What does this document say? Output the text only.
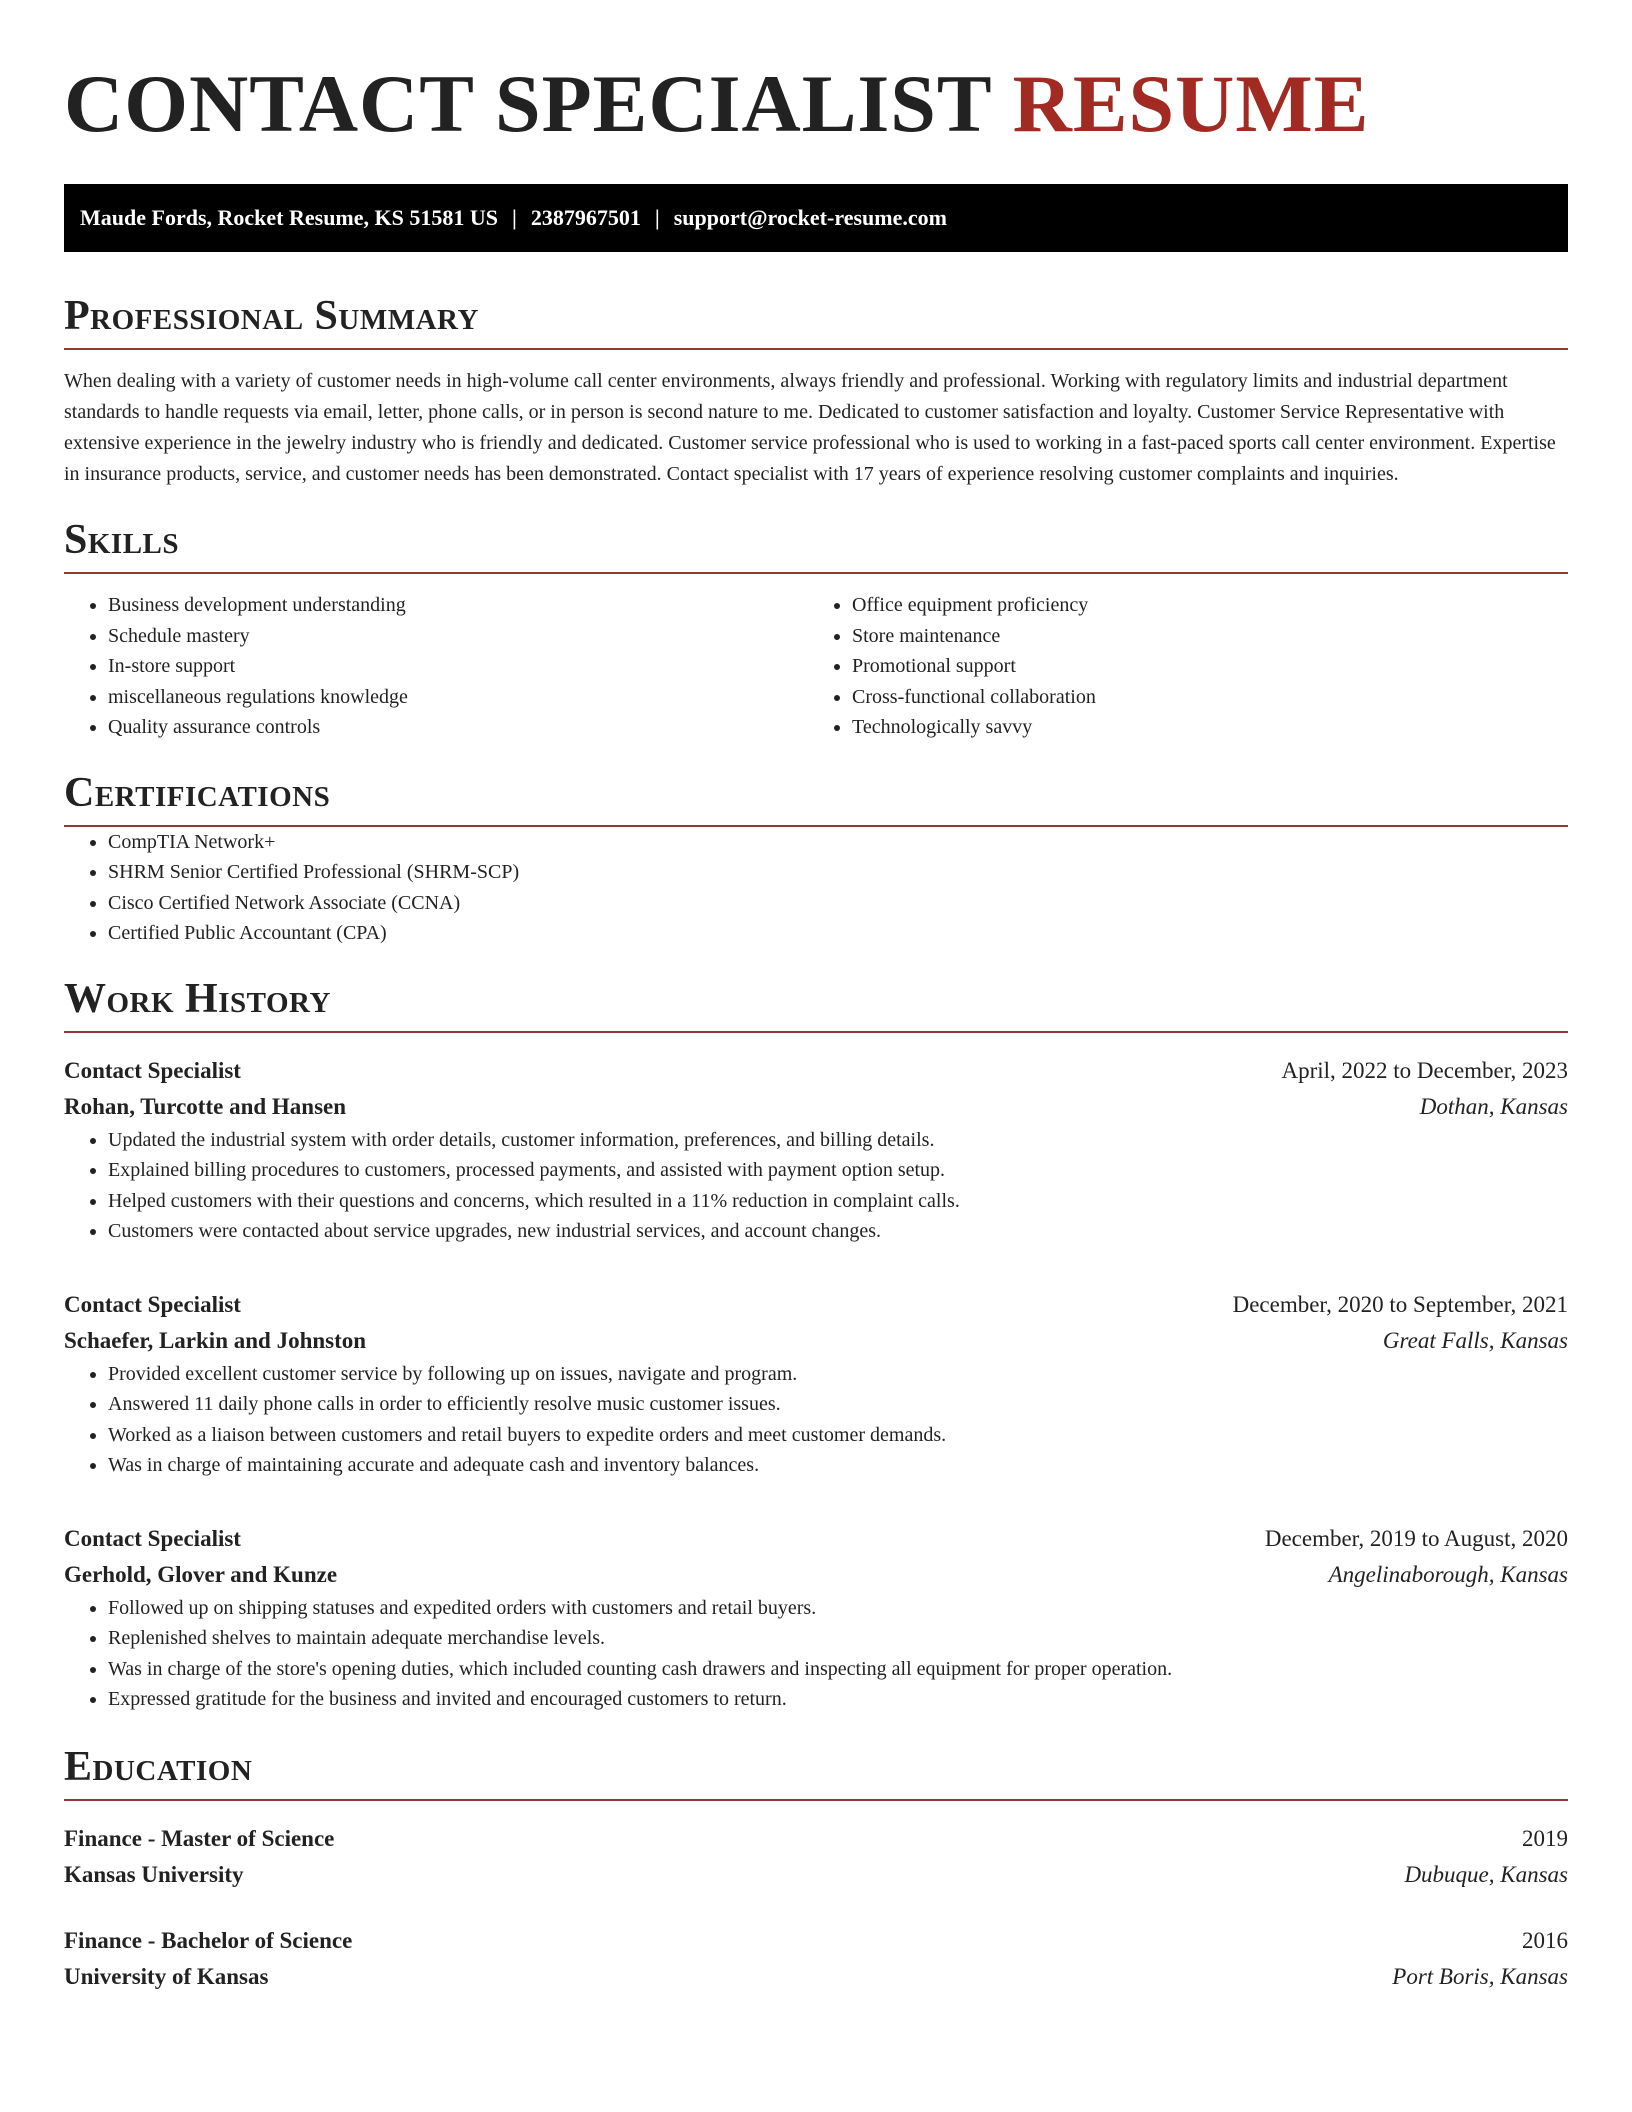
CONTACT SPECIALIST RESUME
Maude Fords, Rocket Resume, KS 51581 US | 2387967501 | support@rocket-resume.com
Professional Summary

When dealing with a variety of customer needs in high-volume call center environments, always friendly and professional. Working with regulatory limits and industrial department standards to handle requests via email, letter, phone calls, or in person is second nature to me. Dedicated to customer satisfaction and loyalty. Customer Service Representative with extensive experience in the jewelry industry who is friendly and dedicated. Customer service professional who is used to working in a fast-paced sports call center environment. Expertise in insurance products, service, and customer needs has been demonstrated. Contact specialist with 17 years of experience resolving customer complaints and inquiries.

Skills
• Business development understanding
• Schedule mastery
• In-store support
• miscellaneous regulations knowledge
• Quality assurance controls
• Office equipment proficiency
• Store maintenance
• Promotional support
• Cross-functional collaboration
• Technologically savvy
Certifications
• CompTIA Network+
• SHRM Senior Certified Professional (SHRM-SCP)
• Cisco Certified Network Associate (CCNA)
• Certified Public Accountant (CPA)
Work History
Contact Specialist	April, 2022 to December, 2023
Rohan, Turcotte and Hansen	Dothan, Kansas
• Updated the industrial system with order details, customer information, preferences, and billing details.
• Explained billing procedures to customers, processed payments, and assisted with payment option setup.
• Helped customers with their questions and concerns, which resulted in a 11% reduction in complaint calls.
• Customers were contacted about service upgrades, new industrial services, and account changes.
Contact Specialist	December, 2020 to September, 2021
Schaefer, Larkin and Johnston	Great Falls, Kansas
• Provided excellent customer service by following up on issues, navigate and program.
• Answered 11 daily phone calls in order to efficiently resolve music customer issues.
• Worked as a liaison between customers and retail buyers to expedite orders and meet customer demands.
• Was in charge of maintaining accurate and adequate cash and inventory balances.
Contact Specialist	December, 2019 to August, 2020
Gerhold, Glover and Kunze	Angelinaborough, Kansas
• Followed up on shipping statuses and expedited orders with customers and retail buyers.
• Replenished shelves to maintain adequate merchandise levels.
• Was in charge of the store's opening duties, which included counting cash drawers and inspecting all equipment for proper operation.
• Expressed gratitude for the business and invited and encouraged customers to return.
Education
Finance - Master of Science	2019
Kansas University	Dubuque, Kansas
Finance - Bachelor of Science	2016
University of Kansas	Port Boris, Kansas
